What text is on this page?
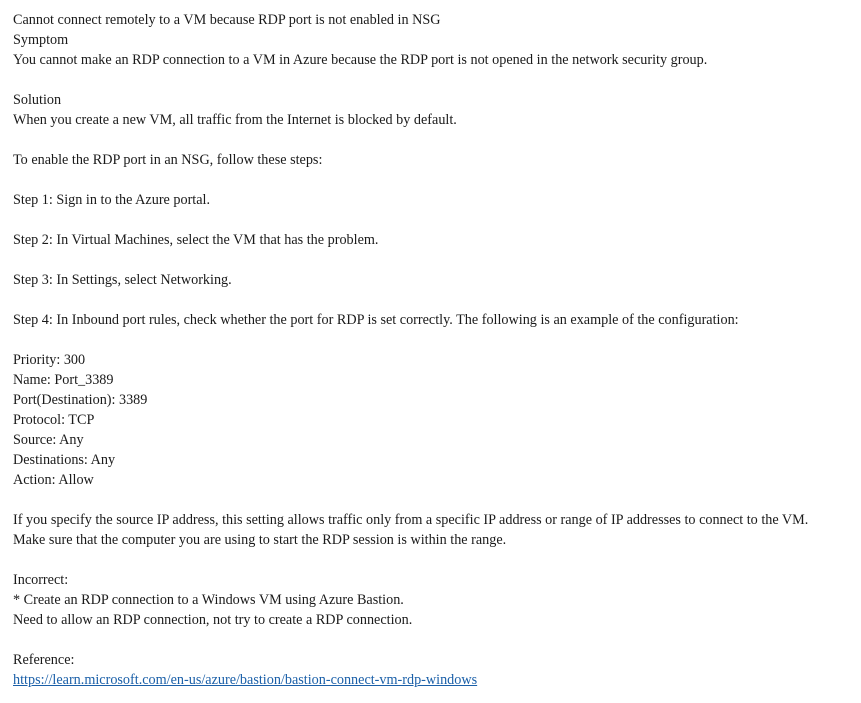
Cannot connect remotely to a VM because RDP port is not enabled in NSG
Symptom
You cannot make an RDP connection to a VM in Azure because the RDP port is not opened in the network security group.
Solution
When you create a new VM, all traffic from the Internet is blocked by default.
To enable the RDP port in an NSG, follow these steps:
Step 1: Sign in to the Azure portal.
Step 2: In Virtual Machines, select the VM that has the problem.
Step 3: In Settings, select Networking.
Step 4: In Inbound port rules, check whether the port for RDP is set correctly. The following is an example of the configuration:
Priority: 300
Name: Port_3389
Port(Destination): 3389
Protocol: TCP
Source: Any
Destinations: Any
Action: Allow
If you specify the source IP address, this setting allows traffic only from a specific IP address or range of IP addresses to connect to the VM.
Make sure that the computer you are using to start the RDP session is within the range.
Incorrect:
* Create an RDP connection to a Windows VM using Azure Bastion.
Need to allow an RDP connection, not try to create a RDP connection.
Reference:
https://learn.microsoft.com/en-us/azure/bastion/bastion-connect-vm-rdp-windows
